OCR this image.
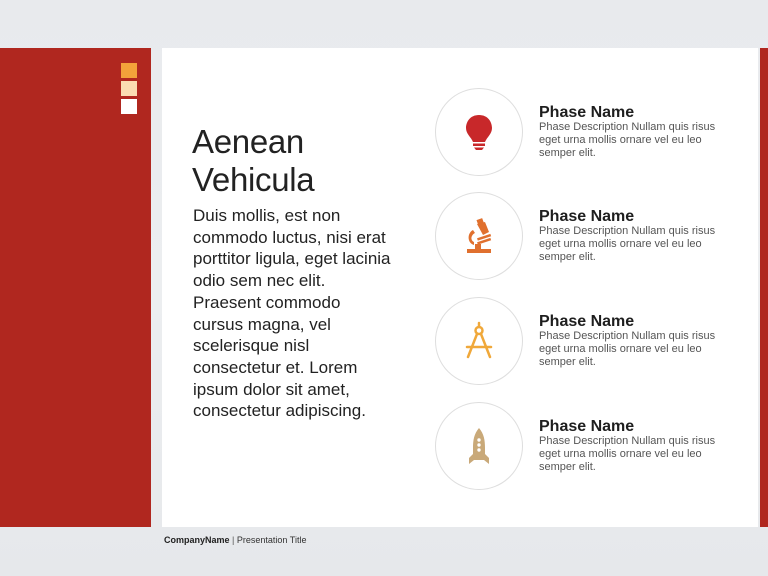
Aenean Vehicula

Duis mollis, est non commodo luctus, nisi erat porttitor ligula, eget lacinia odio sem nec elit. Praesent commodo cursus magna, vel scelerisque nisl consectetur et. Lorem ipsum dolor sit amet, consectetur adipiscing.

Phase Name
Phase Description Nullam quis risus eget urna mollis ornare vel eu leo semper elit.
Phase Name
Phase Description Nullam quis risus eget urna mollis ornare vel eu leo semper elit.
Phase Name
Phase Description Nullam quis risus eget urna mollis ornare vel eu leo semper elit.
Phase Name
Phase Description Nullam quis risus eget urna mollis ornare vel eu leo semper elit.
CompanyName | Presentation Title
